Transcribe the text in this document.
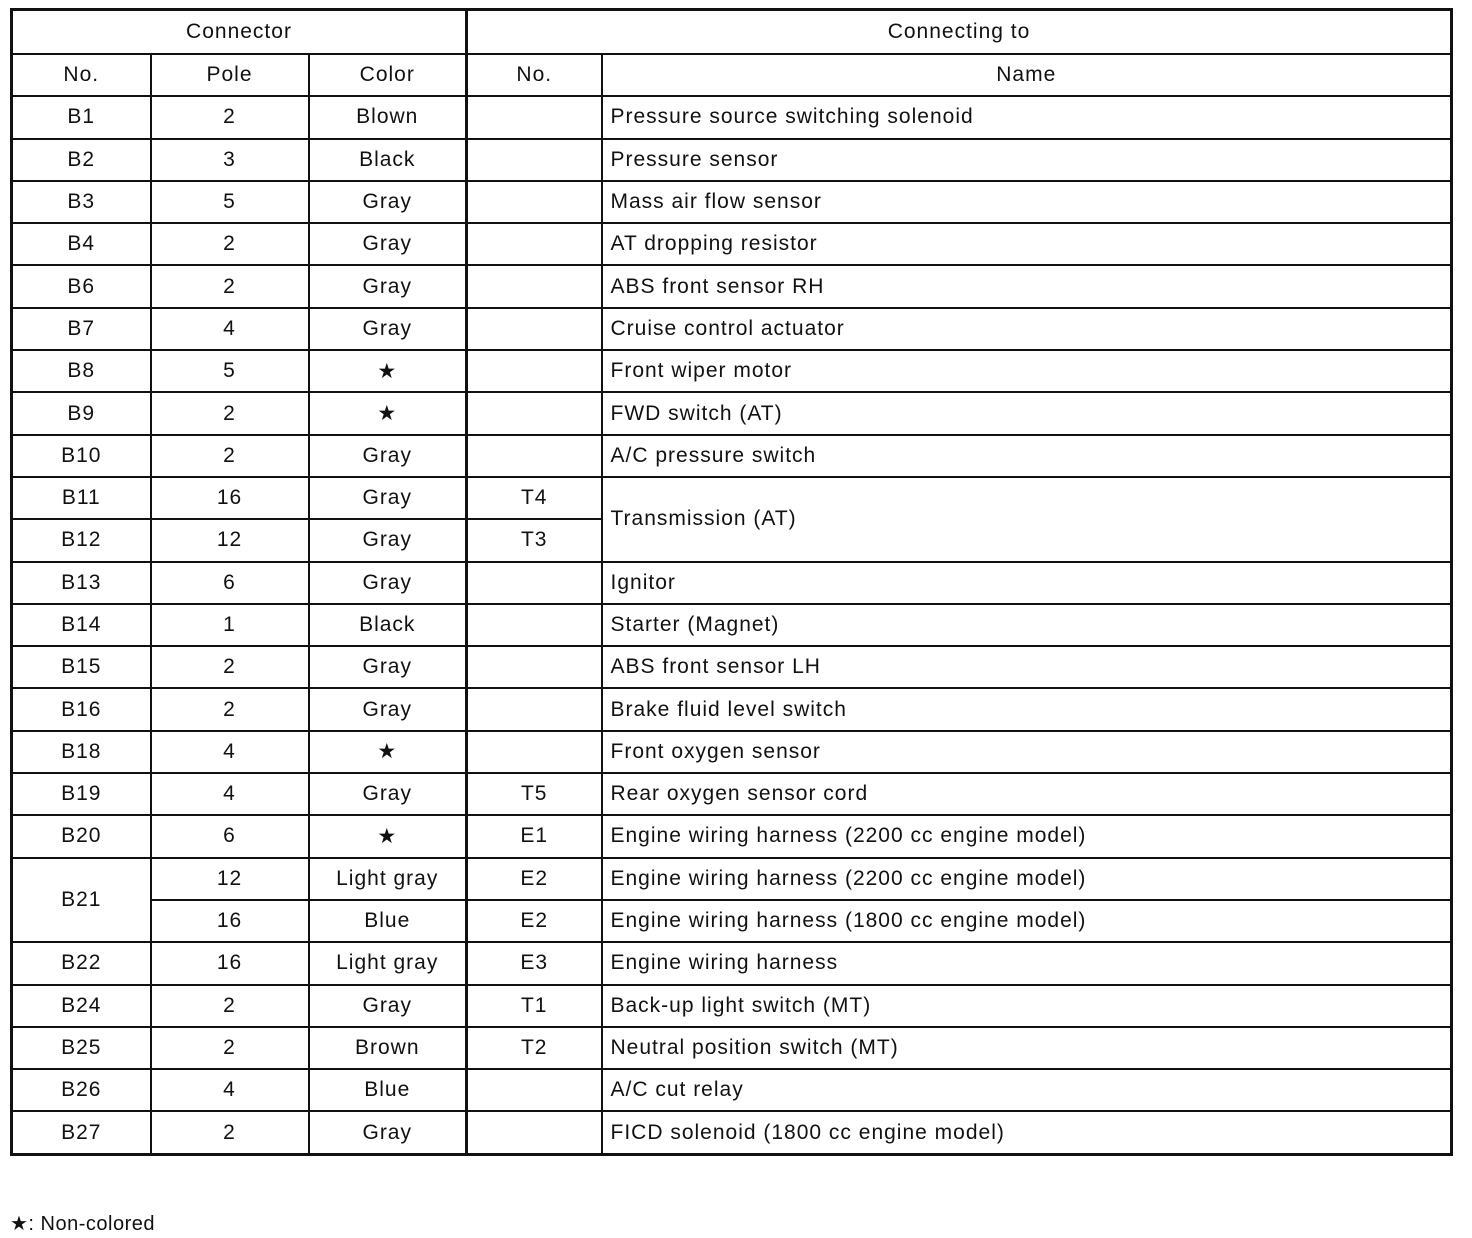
Connector			Connecting to	
No.	Pole	Color	No.	Name
B1	2	Blown		Pressure source switching solenoid
B2	3	Black		Pressure sensor
B3	5	Gray		Mass air flow sensor
B4	2	Gray		AT dropping resistor
B6	2	Gray		ABS front sensor RH
B7	4	Gray		Cruise control actuator
B8	5	★		Front wiper motor
B9	2	★		FWD switch (AT)
B10	2	Gray		A/C pressure switch
B11	16	Gray	T4	Transmission (AT)
B12	12	Gray	T3	
B13	6	Gray		Ignitor
B14	1	Black		Starter (Magnet)
B15	2	Gray		ABS front sensor LH
B16	2	Gray		Brake fluid level switch
B18	4	★		Front oxygen sensor
B19	4	Gray	T5	Rear oxygen sensor cord
B20	6	★	E1	Engine wiring harness (2200 cc engine model)
B21	12	Light gray	E2	Engine wiring harness (2200 cc engine model)
	16	Blue	E2	Engine wiring harness (1800 cc engine model)
B22	16	Light gray	E3	Engine wiring harness
B24	2	Gray	T1	Back-up light switch (MT)
B25	2	Brown	T2	Neutral position switch (MT)
B26	4	Blue		A/C cut relay
B27	2	Gray		FICD solenoid (1800 cc engine model)
★: Non-colored
